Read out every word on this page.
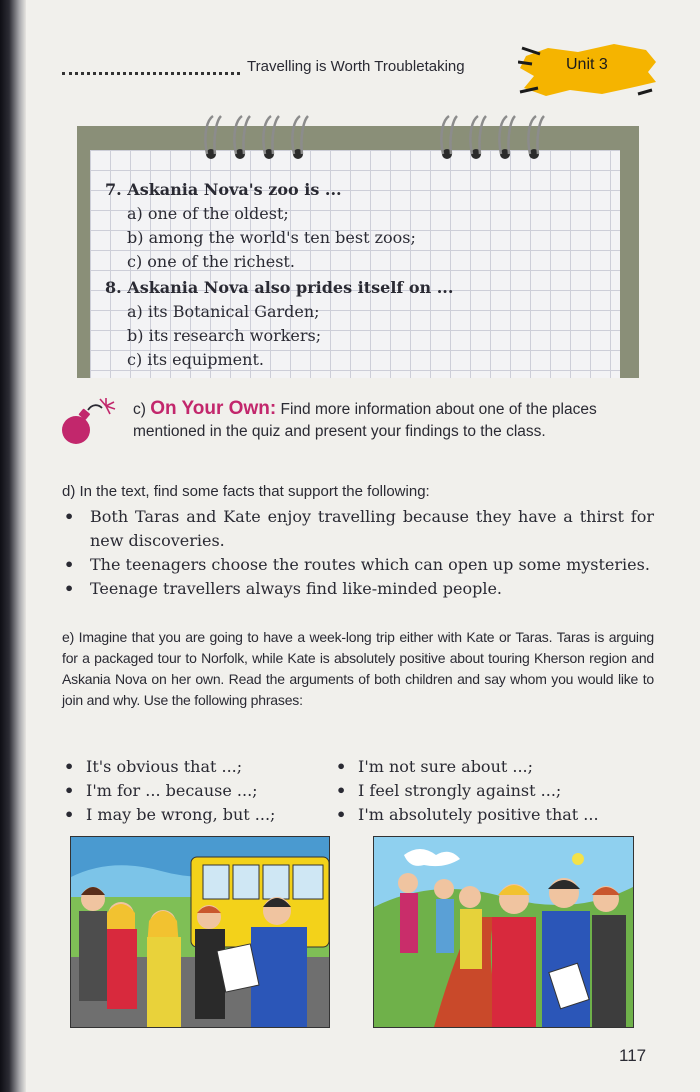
Travelling is Worth Troubletaking	Unit 3
7. Askania Nova's zoo is ...
a) one of the oldest;
b) among the world's ten best zoos;
c) one of the richest.
8. Askania Nova also prides itself on ...
a) its Botanical Garden;
b) its research workers;
c) its equipment.
c) On Your Own: Find more information about one of the places mentioned in the quiz and present your findings to the class.
d) In the text, find some facts that support the following:
• Both Taras and Kate enjoy travelling because they have a thirst for new discoveries.
• The teenagers choose the routes which can open up some mysteries.
• Teenage travellers always find like-minded people.
e) Imagine that you are going to have a week-long trip either with Kate or Taras. Taras is arguing for a packaged tour to Norfolk, while Kate is absolutely positive about touring Kherson region and Askania Nova on her own. Read the arguments of both children and say whom you would like to join and why. Use the following phrases:
• It's obvious that ...;
• I'm for ... because ...;
• I may be wrong, but ...;
• I'm not sure about ...;
• I feel strongly against ...;
• I'm absolutely positive that ...
117
